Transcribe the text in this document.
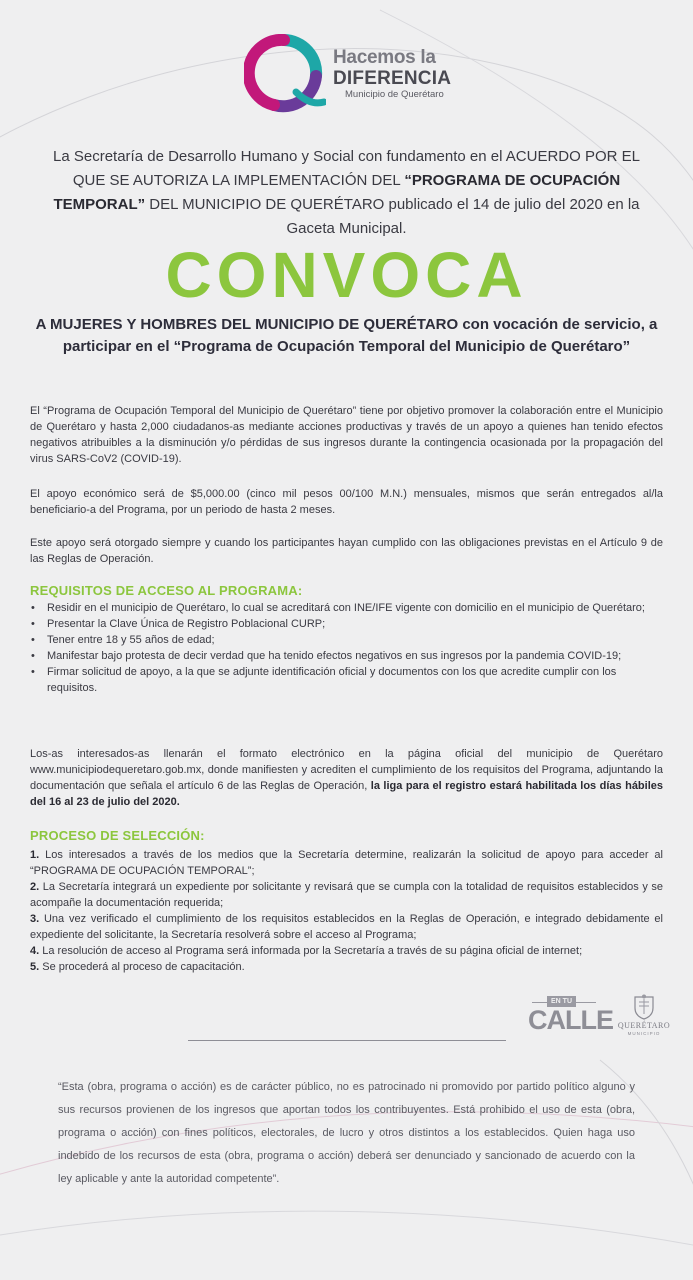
Hacemos la
DIFERENCIA
Municipio de Querétaro
La Secretaría de Desarrollo Humano y Social con fundamento en el ACUERDO POR EL QUE SE AUTORIZA LA IMPLEMENTACIÓN DEL “PROGRAMA DE OCUPACIÓN TEMPORAL” DEL MUNICIPIO DE QUERÉTARO publicado el 14 de julio del 2020 en la Gaceta Municipal.
CONVOCA
A MUJERES Y HOMBRES DEL MUNICIPIO DE QUERÉTARO con vocación de servicio, a participar en el “Programa de Ocupación Temporal del Municipio de Querétaro”
El “Programa de Ocupación Temporal del Municipio de Querétaro” tiene por objetivo promover la colaboración entre el Municipio de Querétaro y hasta 2,000 ciudadanos-as mediante acciones productivas y través de un apoyo a quienes han tenido efectos negativos atribuibles a la disminución y/o pérdidas de sus ingresos durante la contingencia ocasionada por la propagación del virus SARS-CoV2 (COVID-19).
El apoyo económico será de $5,000.00 (cinco mil pesos 00/100 M.N.) mensuales, mismos que serán entregados al/la beneficiario-a del Programa, por un periodo de hasta 2 meses.
Este apoyo será otorgado siempre y cuando los participantes hayan cumplido con las obligaciones previstas en el Artículo 9 de las Reglas de Operación.
REQUISITOS DE ACCESO AL PROGRAMA:
• Residir en el municipio de Querétaro, lo cual se acreditará con INE/IFE vigente con domicilio en el municipio de Querétaro;
• Presentar la Clave Única de Registro Poblacional CURP;
• Tener entre 18 y 55 años de edad;
• Manifestar bajo protesta de decir verdad que ha tenido efectos negativos en sus ingresos por la pandemia COVID-19;
• Firmar solicitud de apoyo, a la que se adjunte identificación oficial y documentos con los que acredite cumplir con los requisitos.
Los-as interesados-as llenarán el formato electrónico en la página oficial del municipio de Querétaro www.municipiodequeretaro.gob.mx, donde manifiesten y acrediten el cumplimiento de los requisitos del Programa, adjuntando la documentación que señala el artículo 6 de las Reglas de Operación, la liga para el registro estará habilitada los días hábiles del 16 al 23 de julio del 2020.
PROCESO DE SELECCIÓN:
1. Los interesados a través de los medios que la Secretaría determine, realizarán la solicitud de apoyo para acceder al “PROGRAMA DE OCUPACIÓN TEMPORAL”;
2. La Secretaría integrará un expediente por solicitante y revisará que se cumpla con la totalidad de requisitos establecidos y se acompañe la documentación requerida;
3. Una vez verificado el cumplimiento de los requisitos establecidos en la Reglas de Operación, e integrado debidamente el expediente del solicitante, la Secretaría resolverá sobre el acceso al Programa;
4. La resolución de acceso al Programa será informada por la Secretaría a través de su página oficial de internet;
5. Se procederá al proceso de capacitación.
EN TU
CALLE QUERÉTARO
MUNICIPIO
“Esta (obra, programa o acción) es de carácter público, no es patrocinado ni promovido por partido político alguno y sus recursos provienen de los ingresos que aportan todos los contribuyentes. Está prohibido el uso de esta (obra, programa o acción) con fines políticos, electorales, de lucro y otros distintos a los establecidos. Quien haga uso indebido de los recursos de esta (obra, programa o acción) deberá ser denunciado y sancionado de acuerdo con la ley aplicable y ante la autoridad competente”.
